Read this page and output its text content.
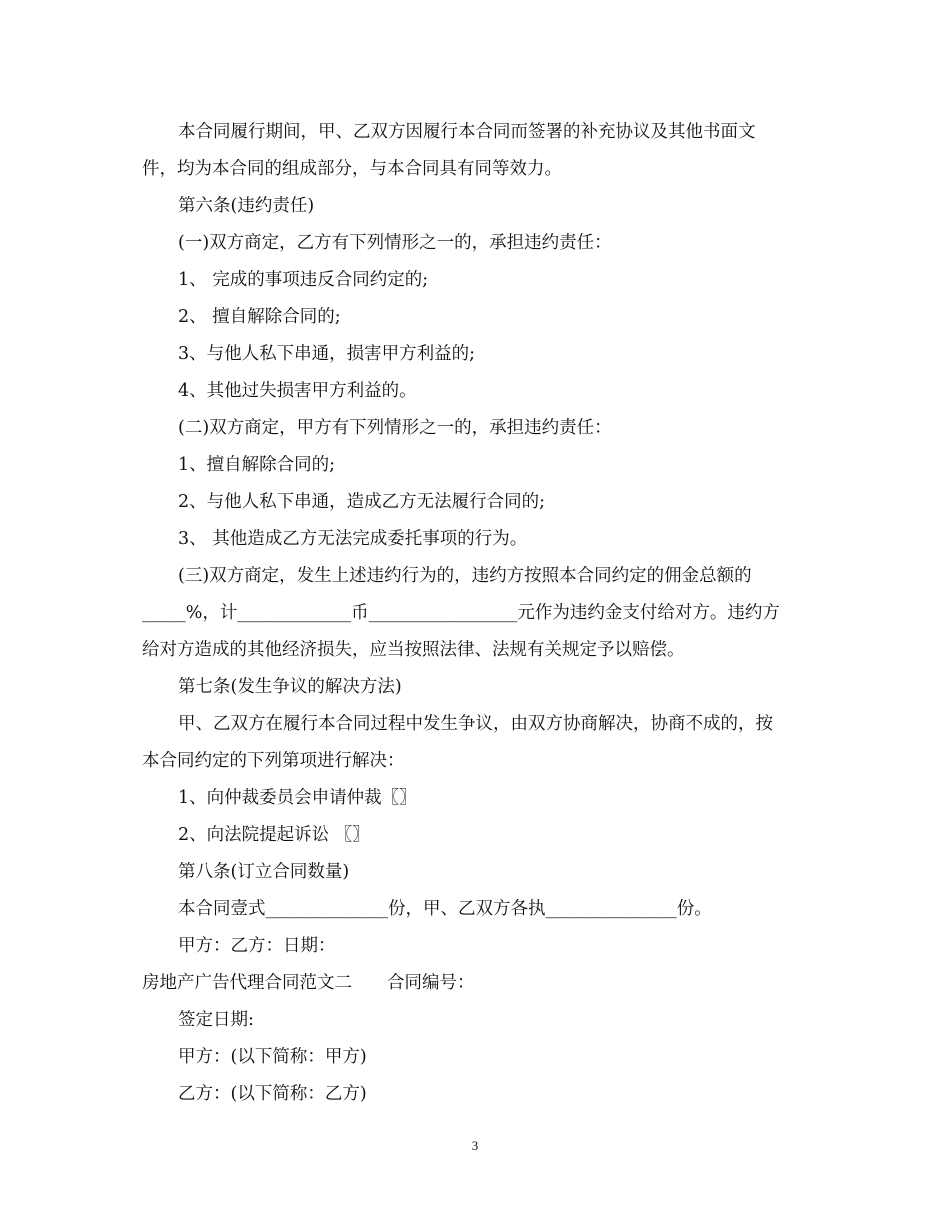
本合同履行期间，甲、乙双方因履行本合同而签署的补充协议及其他书面文
件，均为本合同的组成部分，与本合同具有同等效力。
第六条(违约责任)
(一)双方商定，乙方有下列情形之一的，承担违约责任：
1、 完成的事项违反合同约定的;
2、 擅自解除合同的;
3、与他人私下串通，损害甲方利益的;
4、其他过失损害甲方利益的。
(二)双方商定，甲方有下列情形之一的，承担违约责任：
1、擅自解除合同的;
2、与他人私下串通，造成乙方无法履行合同的;
3、 其他造成乙方无法完成委托事项的行为。
(三)双方商定，发生上述违约行为的，违约方按照本合同约定的佣金总额的
_____%，计_____________币_________________元作为违约金支付给对方。违约方
给对方造成的其他经济损失，应当按照法律、法规有关规定予以赔偿。
第七条(发生争议的解决方法)
甲、乙双方在履行本合同过程中发生争议，由双方协商解决，协商不成的，按
本合同约定的下列第项进行解决：
1、向仲裁委员会申请仲裁〖〗
2、向法院提起诉讼 〖〗
第八条(订立合同数量)
本合同壹式______________份，甲、乙双方各执_______________份。
甲方：乙方：日期：
房地产广告代理合同范文二　　合同编号：
签定日期:
甲方：(以下简称：甲方)
乙方：(以下简称：乙方)
3
